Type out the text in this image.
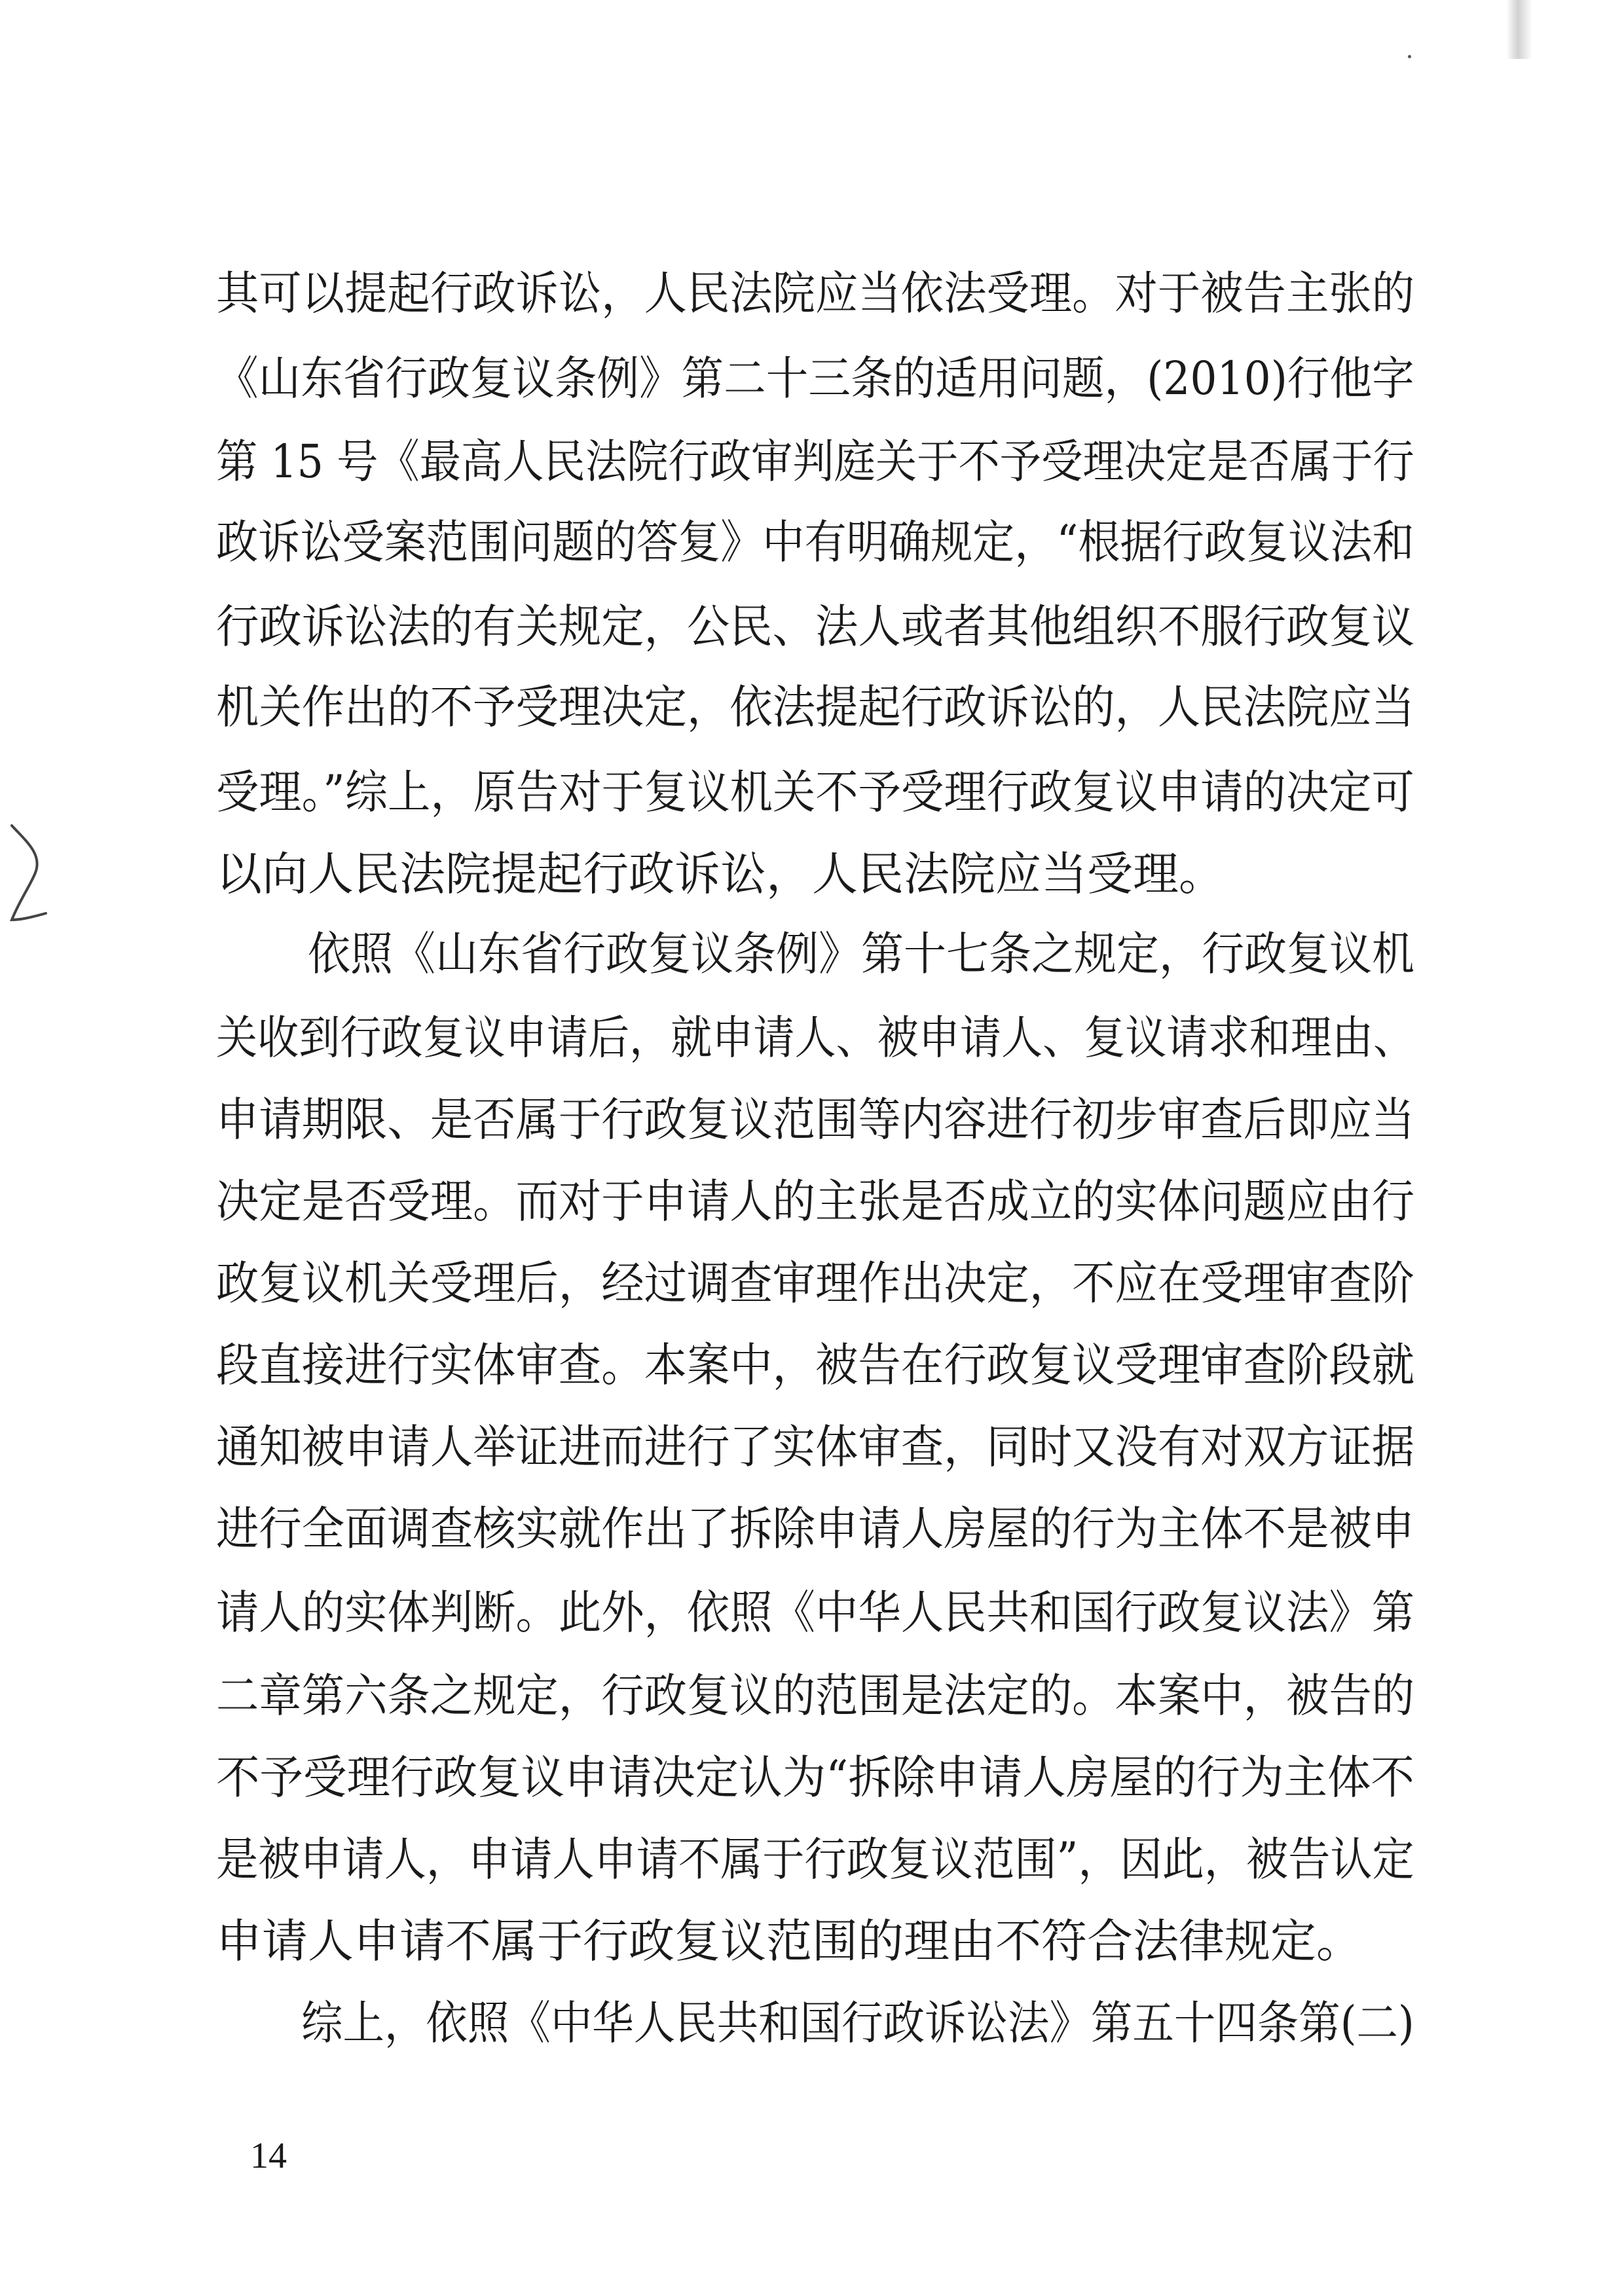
其可以提起行政诉讼，人民法院应当依法受理。对于被告主张的
《山东省行政复议条例》第二十三条的适用问题，(2010)行他字
第 15 号《最高人民法院行政审判庭关于不予受理决定是否属于行
政诉讼受案范围问题的答复》中有明确规定，“根据行政复议法和
行政诉讼法的有关规定，公民、法人或者其他组织不服行政复议
机关作出的不予受理决定，依法提起行政诉讼的，人民法院应当
受理。”综上，原告对于复议机关不予受理行政复议申请的决定可
以向人民法院提起行政诉讼，人民法院应当受理。
依照《山东省行政复议条例》第十七条之规定，行政复议机
关收到行政复议申请后，就申请人、被申请人、复议请求和理由、
申请期限、是否属于行政复议范围等内容进行初步审查后即应当
决定是否受理。而对于申请人的主张是否成立的实体问题应由行
政复议机关受理后，经过调查审理作出决定，不应在受理审查阶
段直接进行实体审查。本案中，被告在行政复议受理审查阶段就
通知被申请人举证进而进行了实体审查，同时又没有对双方证据
进行全面调查核实就作出了拆除申请人房屋的行为主体不是被申
请人的实体判断。此外，依照《中华人民共和国行政复议法》第
二章第六条之规定，行政复议的范围是法定的。本案中，被告的
不予受理行政复议申请决定认为“拆除申请人房屋的行为主体不
是被申请人，申请人申请不属于行政复议范围”，因此，被告认定
申请人申请不属于行政复议范围的理由不符合法律规定。
综上，依照《中华人民共和国行政诉讼法》第五十四条第(二)
14
